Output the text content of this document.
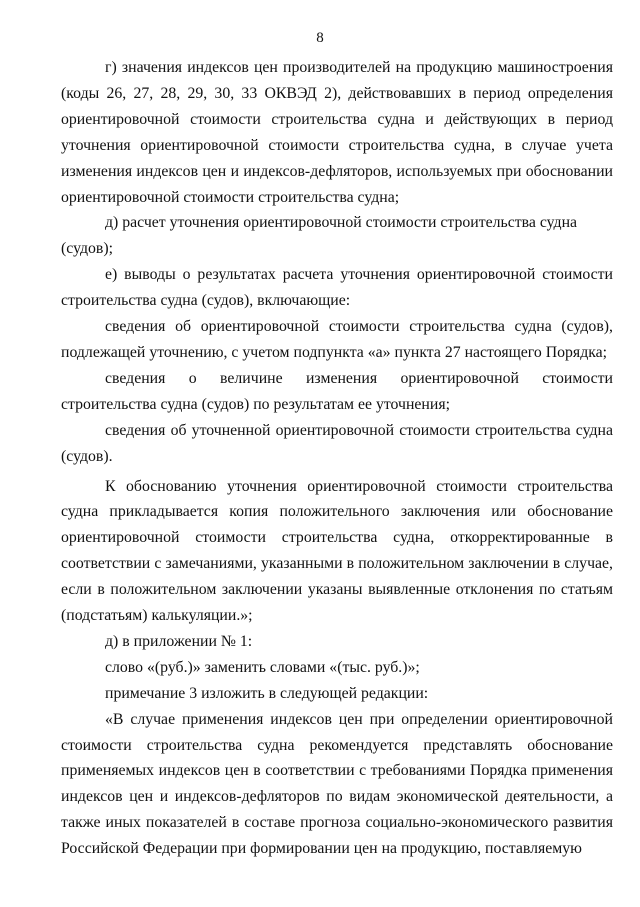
8

г) значения индексов цен производителей на продукцию машиностроения (коды 26, 27, 28, 29, 30, 33 ОКВЭД 2), действовавших в период определения ориентировочной стоимости строительства судна и действующих в период уточнения ориентировочной стоимости строительства судна, в случае учета изменения индексов цен и индексов-дефляторов, используемых при обосновании ориентировочной стоимости строительства судна;

д) расчет уточнения ориентировочной стоимости строительства судна (судов);

е) выводы о результатах расчета уточнения ориентировочной стоимости строительства судна (судов), включающие:

сведения об ориентировочной стоимости строительства судна (судов), подлежащей уточнению, с учетом подпункта «а» пункта 27 настоящего Порядка;

сведения о величине изменения ориентировочной стоимости строительства судна (судов) по результатам ее уточнения;

сведения об уточненной ориентировочной стоимости строительства судна (судов).

К обоснованию уточнения ориентировочной стоимости строительства судна прикладывается копия положительного заключения или обоснование ориентировочной стоимости строительства судна, откорректированные в соответствии с замечаниями, указанными в положительном заключении в случае, если в положительном заключении указаны выявленные отклонения по статьям (подстатьям) калькуляции.»;

д) в приложении № 1:

слово «(руб.)» заменить словами «(тыс. руб.)»;

примечание 3 изложить в следующей редакции:

«В случае применения индексов цен при определении ориентировочной стоимости строительства судна рекомендуется представлять обоснование применяемых индексов цен в соответствии с требованиями Порядка применения индексов цен и индексов-дефляторов по видам экономической деятельности, а также иных показателей в составе прогноза социально-экономического развития Российской Федерации при формировании цен на продукцию, поставляемую
